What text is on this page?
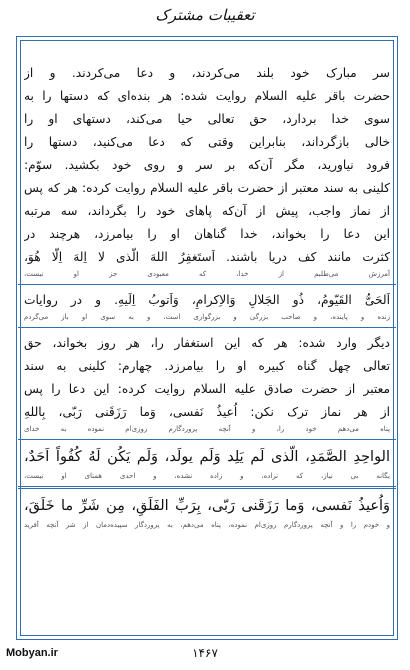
تعقیبات مشترک
سر مبارک خود بلند می‌کردند، و دعا می‌کردند. و از
حضرت باقر علیه السلام روایت شده: هر بنده‌ای که دستها را به
سوی خدا بردارد، حق تعالی حیا می‌کند، دستهای او را
خالی بازگرداند، بنابراین وقتی که دعا می‌کنید، دستها را
فرود نیاورید، مگر آن‌که بر سر و روی خود بکشید. سوّم:
کلینی به سند معتبر از حضرت باقر علیه السلام روایت کرده: هر که پس
از نماز واجب، پیش از آن‌که پاهای خود را بگرداند، سه مرتبه
این دعا را بخواند، خدا گناهان او را بیامرزد، هرچند در
کثرت مانند کف دریا باشند. اَستَغفِرُ اللهَ الّذی لا اِلهَ اِلّا هُوَ،
آمرزش می‌طلبم از خدا، که معبودی جز او نیست،
اَلحَیُّ القَیّومُ، ذُو الجَلالِ وَالاِکرامِ، وَاَتوبُ اِلَیهِ. و در روایات
زنده و پاینده، و صاحب بزرگی و بزرگواری است، و به سوی او باز می‌گردم
دیگر وارد شده: هر که این استغفار را، هر روز بخواند، حق
تعالی چهل گناه کبیره او را بیامرزد. چهارم: کلینی به سند
معتبر از حضرت صادق علیه السلام روایت کرده: این دعا را پس
از هر نماز ترک نکن: اُعیذُ نَفسی، وَما رَزَقَنی رَبّی، بِاللهِ
پناه می‌دهم خود را، و آنچه پروردگارم روزی‌ام نموده به خدای
الواحِدِ الصَّمَدِ، الّذی لَم یَلِد وَلَم یولَد، وَلَم یَکُن لَهُ کُفُواً اَحَدٌ،
یگانه بی نیاز، که نزاده، و زاده نشده، و احدی همتای او نیست،
وَاُعیذُ نَفسی، وَما رَزَقَنی رَبّی، بِرَبِّ الفَلَقِ، مِن شَرِّ ما خَلَقَ،
و خودم را و آنچه پروردگارم روزی‌ام نموده، پناه می‌دهم، به پروردگار سپیده‌دمان از شر آنچه آفرید
Mobyan.ir	۱۴۶۷
